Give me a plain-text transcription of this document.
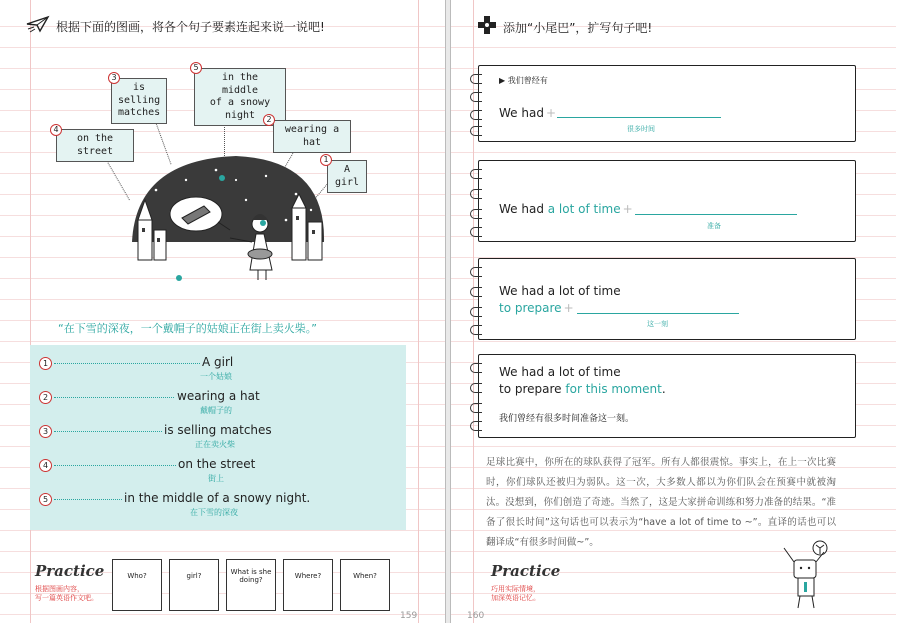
根据下面的图画，将各个句子要素连起来说一说吧!
is selling
matches
3	in the middle
of a snowy night
5
on the street
4	wearing a hat
2
A girl
1
“在下雪的深夜，一个戴帽子的姑娘正在街上卖火柴。”
1	A girl
一个姑娘
2	wearing a hat
戴帽子的
3	is selling matches
正在卖火柴
4	on the street
街上
5	in the middle of a snowy night.
在下雪的深夜
Practice
根据图画内容，
写一篇英语作文吧。
Who?	girl?	What is she doing?	Where?	When?
159
添加“小尾巴”，扩写句子吧!
160
▶ 我们曾经有
We had +
很多时间
We had a lot of time +
准备
We had a lot of time
to prepare +
这一刻
We had a lot of time
to prepare for this moment.
我们曾经有很多时间准备这一刻。
足球比赛中，你所在的球队获得了冠军。所有人都很震惊。事实上，在上一次比赛时，你们球队还被归为弱队。这一次，大多数人都以为你们队会在预赛中就被淘汰。没想到，你们创造了奇迹。当然了，这是大家拼命训练和努力准备的结果。“准备了很长时间”这句话也可以表示为“have a lot of time to ~”。直译的话也可以翻译成“有很多时间做~”。
Practice
巧用实际情境，
加深英语记忆。
